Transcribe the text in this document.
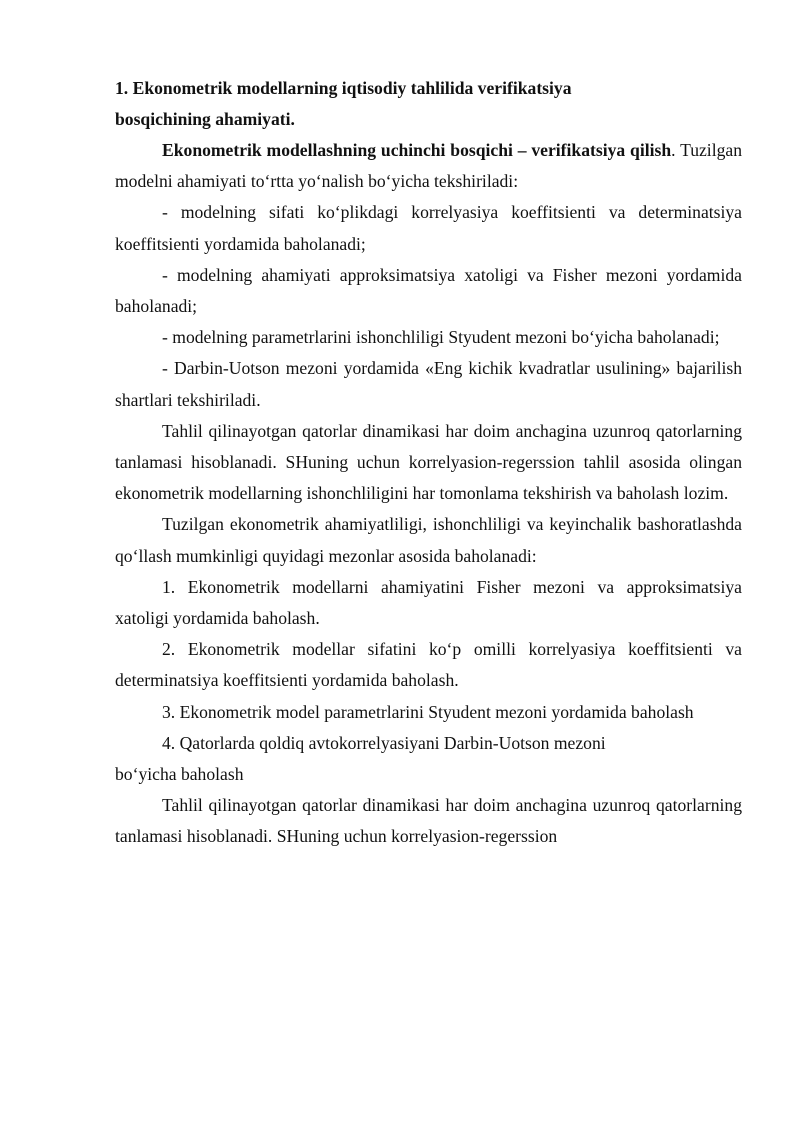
1. Ekonometrik modellarning iqtisodiy tahlilida verifikatsiya bosqichining ahamiyati.

Ekonometrik modellashning uchinchi bosqichi – verifikatsiya qilish. Tuzilgan modelni ahamiyati to‘rtta yo‘nalish bo‘yicha tekshiriladi:

- modelning sifati ko‘plikdagi korrelyasiya koeffitsienti va determinatsiya koeffitsienti yordamida baholanadi;

- modelning ahamiyati approksimatsiya xatoligi va Fisher mezoni yordamida baholanadi;

- modelning parametrlarini ishonchliligi Styudent mezoni bo‘yicha baholanadi;

- Darbin-Uotson mezoni yordamida «Eng kichik kvadratlar usulining» bajarilish shartlari tekshiriladi.

Tahlil qilinayotgan qatorlar dinamikasi har doim anchagina uzunroq qatorlarning tanlamasi hisoblanadi. SHuning uchun korrelyasion-regerssion tahlil asosida olingan ekonometrik modellarning ishonchliligini har tomonlama tekshirish va baholash lozim.

Tuzilgan ekonometrik ahamiyatliligi, ishonchliligi va keyinchalik bashoratlashda qo‘llash mumkinligi quyidagi mezonlar asosida baholanadi:

1. Ekonometrik modellarni ahamiyatini Fisher mezoni va approksimatsiya xatoligi yordamida baholash.

2. Ekonometrik modellar sifatini ko‘p omilli korrelyasiya koeffitsienti va determinatsiya koeffitsienti yordamida baholash.

3. Ekonometrik model parametrlarini Styudent mezoni yordamida baholash

4. Qatorlarda qoldiq avtokorrelyasiyani Darbin-Uotson mezoni

bo‘yicha baholash

Tahlil qilinayotgan qatorlar dinamikasi har doim anchagina uzunroq qatorlarning tanlamasi hisoblanadi. SHuning uchun korrelyasion-regerssion
